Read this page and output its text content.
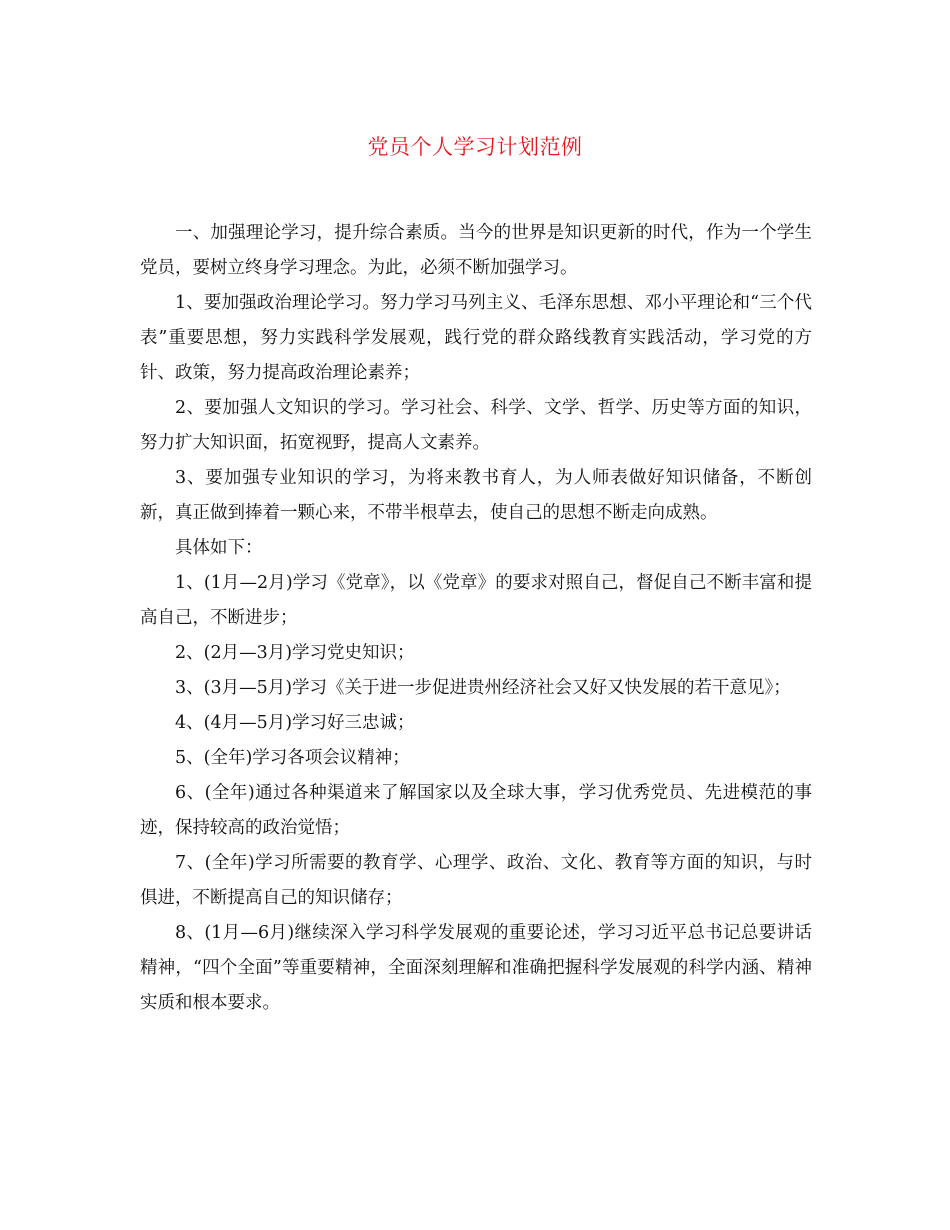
党员个人学习计划范例

一、加强理论学习，提升综合素质。当今的世界是知识更新的时代，作为一个学生党员，要树立终身学习理念。为此，必须不断加强学习。

1、要加强政治理论学习。努力学习马列主义、毛泽东思想、邓小平理论和“三个代表”重要思想，努力实践科学发展观，践行党的群众路线教育实践活动，学习党的方针、政策，努力提高政治理论素养；

2、要加强人文知识的学习。学习社会、科学、文学、哲学、历史等方面的知识，努力扩大知识面，拓宽视野，提高人文素养。

3、要加强专业知识的学习，为将来教书育人，为人师表做好知识储备，不断创新，真正做到捧着一颗心来，不带半根草去，使自己的思想不断走向成熟。

具体如下：

1、(1月—2月)学习《党章》，以《党章》的要求对照自己，督促自己不断丰富和提高自己，不断进步；

2、(2月—3月)学习党史知识；

3、(3月—5月)学习《关于进一步促进贵州经济社会又好又快发展的若干意见》；

4、(4月—5月)学习好三忠诚；

5、(全年)学习各项会议精神；

6、(全年)通过各种渠道来了解国家以及全球大事，学习优秀党员、先进模范的事迹，保持较高的政治觉悟；

7、(全年)学习所需要的教育学、心理学、政治、文化、教育等方面的知识，与时俱进，不断提高自己的知识储存；

8、(1月—6月)继续深入学习科学发展观的重要论述，学习习近平总书记总要讲话精神，“四个全面”等重要精神，全面深刻理解和准确把握科学发展观的科学内涵、精神实质和根本要求。
